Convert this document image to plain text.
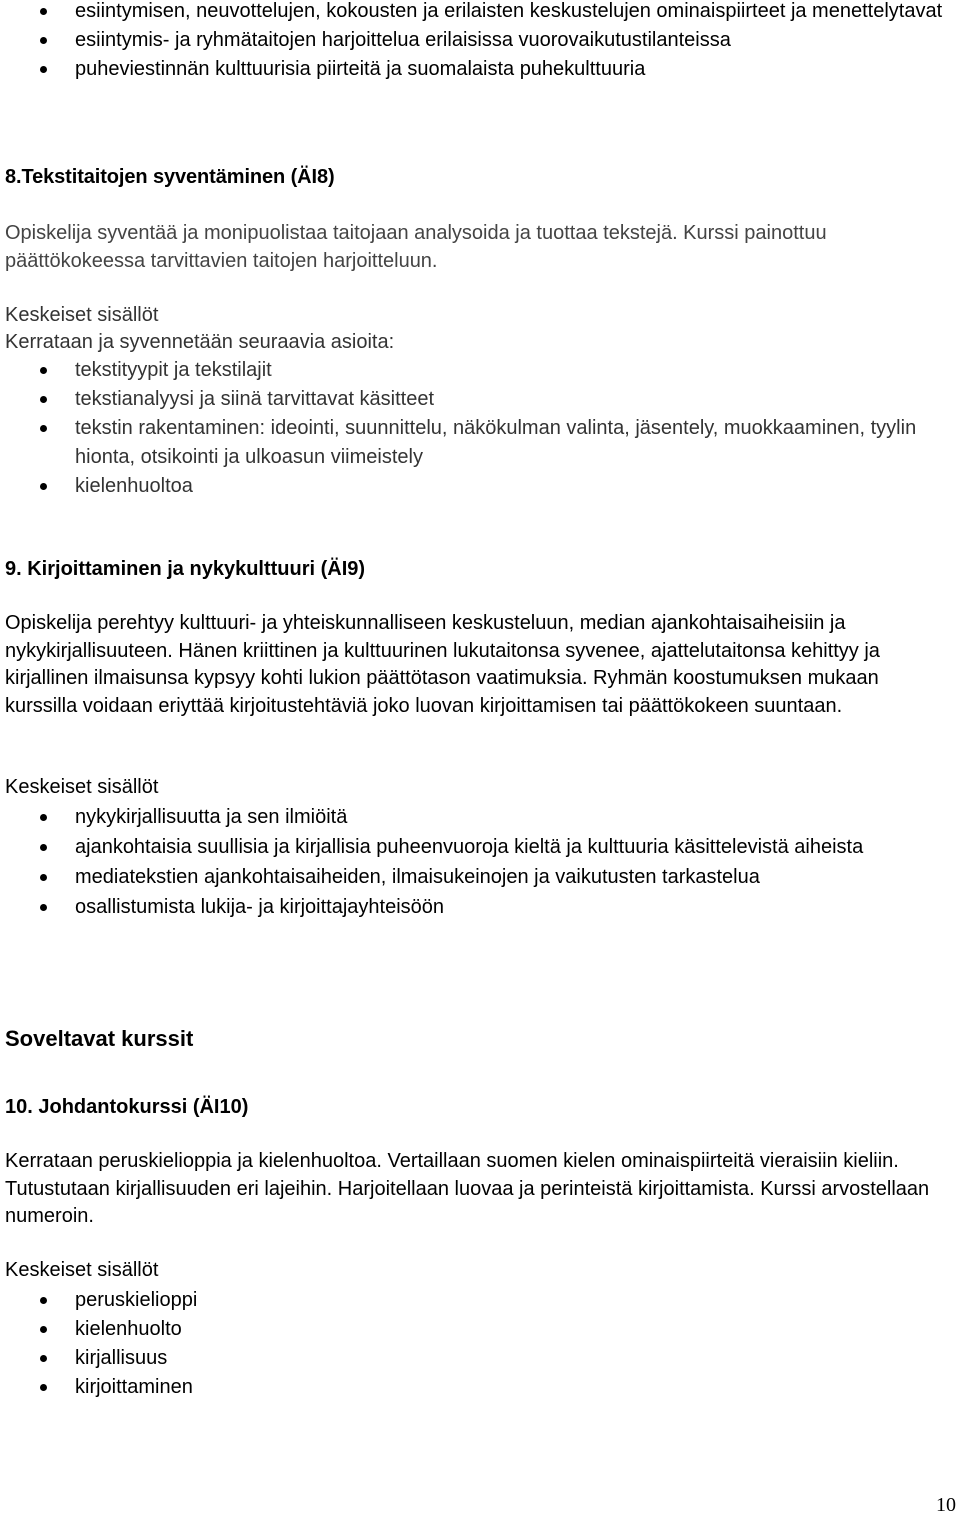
esiintymisen, neuvottelujen, kokousten ja erilaisten keskustelujen ominaispiirteet ja menettelytavat
esiintymis- ja ryhmätaitojen harjoittelua erilaisissa vuorovaikutustilanteissa
puheviestinnän kulttuurisia piirteitä ja suomalaista puhekulttuuria
8.Tekstitaitojen syventäminen (ÄI8)

Opiskelija syventää ja monipuolistaa taitojaan analysoida ja tuottaa tekstejä. Kurssi painottuu päättökokeessa tarvittavien taitojen harjoitteluun.

Keskeiset sisällöt
Kerrataan ja syvennetään seuraavia asioita:
tekstityypit ja tekstilajit
tekstianalyysi ja siinä tarvittavat käsitteet
tekstin rakentaminen: ideointi, suunnittelu, näkökulman valinta, jäsentely, muokkaaminen, tyylin hionta, otsikointi ja ulkoasun viimeistely
kielenhuoltoa
9. Kirjoittaminen ja nykykulttuuri (ÄI9)

Opiskelija perehtyy kulttuuri- ja yhteiskunnalliseen keskusteluun, median ajankohtaisaiheisiin ja nykykirjallisuuteen. Hänen kriittinen ja kulttuurinen lukutaitonsa syvenee, ajattelutaitonsa kehittyy ja kirjallinen ilmaisunsa kypsyy kohti lukion päättötason vaatimuksia. Ryhmän koostumuksen mukaan kurssilla voidaan eriyttää kirjoitustehtäviä joko luovan kirjoittamisen tai päättökokeen suuntaan.

Keskeiset sisällöt
nykykirjallisuutta ja sen ilmiöitä
ajankohtaisia suullisia ja kirjallisia puheenvuoroja kieltä ja kulttuuria käsittelevistä aiheista
mediatekstien ajankohtaisaiheiden, ilmaisukeinojen ja vaikutusten tarkastelua
osallistumista lukija- ja kirjoittajayhteisöön
Soveltavat kurssit
10. Johdantokurssi (ÄI10)

Kerrataan peruskielioppia ja kielenhuoltoa. Vertaillaan suomen kielen ominaispiirteitä vieraisiin kieliin. Tutustutaan kirjallisuuden eri lajeihin. Harjoitellaan luovaa ja perinteistä kirjoittamista. Kurssi arvostellaan numeroin.

Keskeiset sisällöt
peruskielioppi
kielenhuolto
kirjallisuus
kirjoittaminen
10
